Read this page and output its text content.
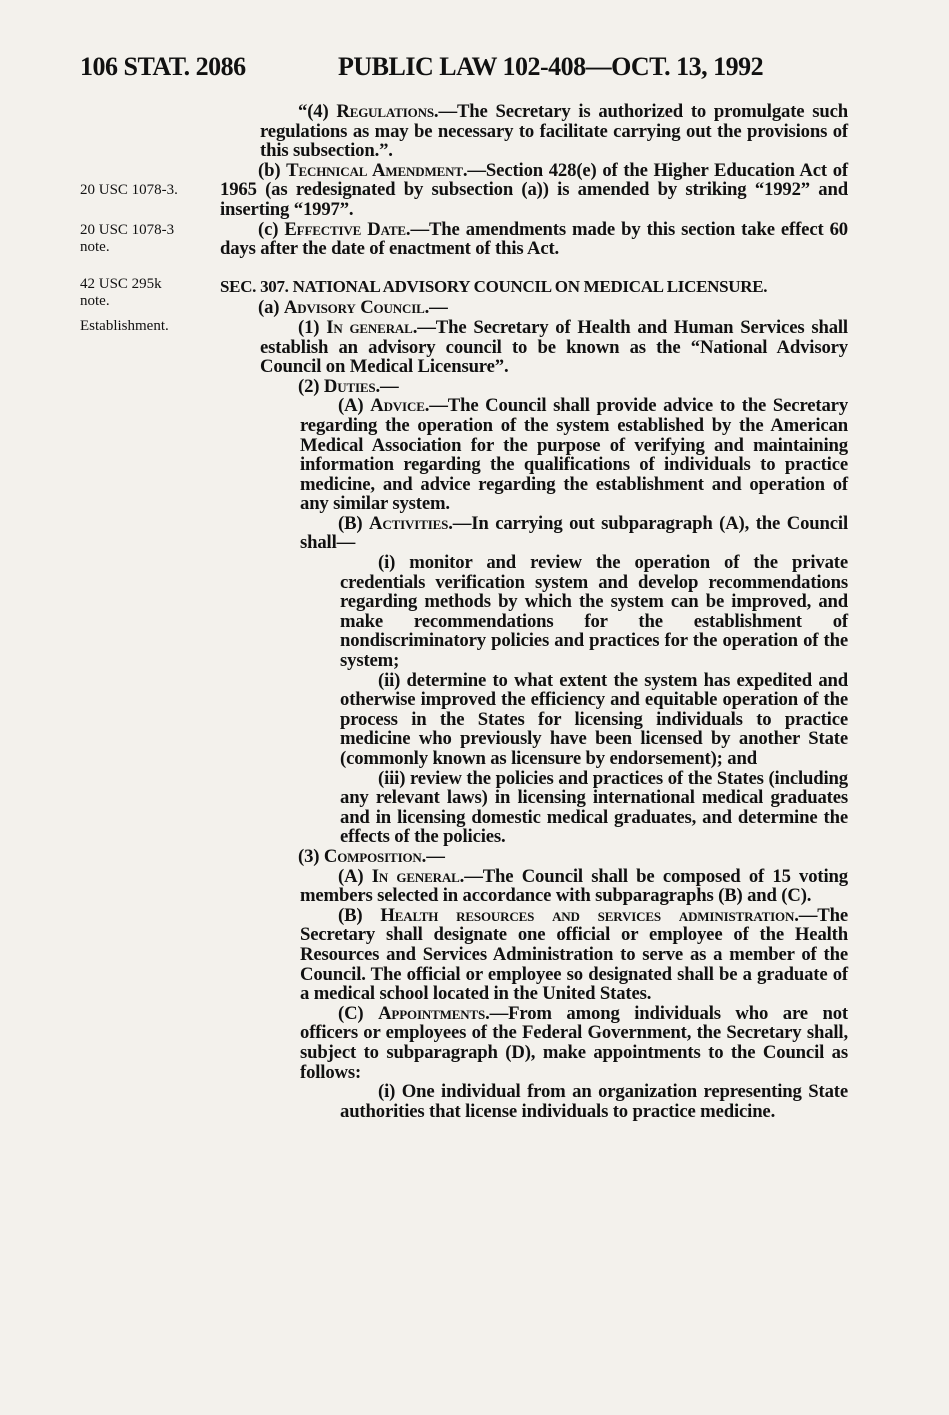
106 STAT. 2086	PUBLIC LAW 102-408—OCT. 13, 1992
20 USC 1078-3.
20 USC 1078-3 note.
42 USC 295k note.
Establishment.

“(4) Regulations.—The Secretary is authorized to promulgate such regulations as may be necessary to facilitate carrying out the provisions of this subsection.”.

(b) Technical Amendment.—Section 428(e) of the Higher Education Act of 1965 (as redesignated by subsection (a)) is amended by striking “1992” and inserting “1997”.

(c) Effective Date.—The amendments made by this section take effect 60 days after the date of enactment of this Act.

SEC. 307. NATIONAL ADVISORY COUNCIL ON MEDICAL LICENSURE.

(a) Advisory Council.—

(1) In general.—The Secretary of Health and Human Services shall establish an advisory council to be known as the “National Advisory Council on Medical Licensure”.

(2) Duties.—

(A) Advice.—The Council shall provide advice to the Secretary regarding the operation of the system established by the American Medical Association for the purpose of verifying and maintaining information regarding the qualifications of individuals to practice medicine, and advice regarding the establishment and operation of any similar system.

(B) Activities.—In carrying out subparagraph (A), the Council shall—

(i) monitor and review the operation of the private credentials verification system and develop recommendations regarding methods by which the system can be improved, and make recommendations for the establishment of nondiscriminatory policies and practices for the operation of the system;

(ii) determine to what extent the system has expedited and otherwise improved the efficiency and equitable operation of the process in the States for licensing individuals to practice medicine who previously have been licensed by another State (commonly known as licensure by endorsement); and

(iii) review the policies and practices of the States (including any relevant laws) in licensing international medical graduates and in licensing domestic medical graduates, and determine the effects of the policies.

(3) Composition.—

(A) In general.—The Council shall be composed of 15 voting members selected in accordance with subparagraphs (B) and (C).

(B) Health resources and services administration.—The Secretary shall designate one official or employee of the Health Resources and Services Administration to serve as a member of the Council. The official or employee so designated shall be a graduate of a medical school located in the United States.

(C) Appointments.—From among individuals who are not officers or employees of the Federal Government, the Secretary shall, subject to subparagraph (D), make appointments to the Council as follows:

(i) One individual from an organization representing State authorities that license individuals to practice medicine.
